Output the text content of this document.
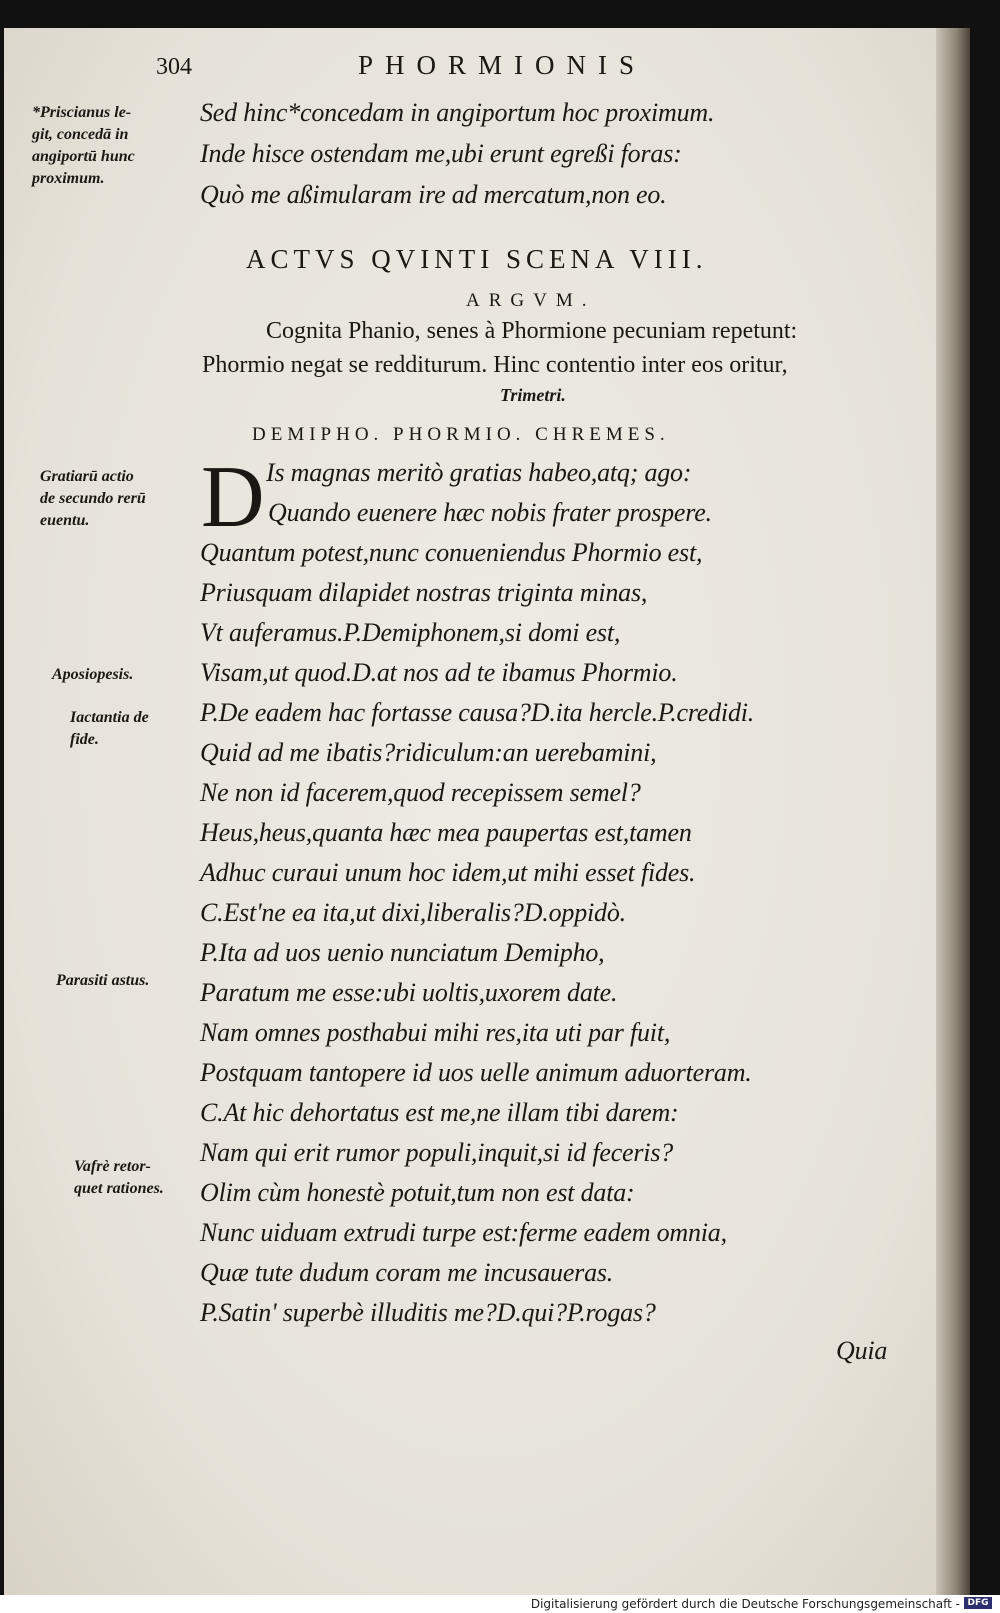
304	PHORMIONIS
*Priscianus le-
git, concedā in
angiportū hunc
proximum.
Sed hinc*concedam in angiportum hoc proximum.
Inde hisce ostendam me,ubi erunt egreßi foras:
Quò me aßimularam ire ad mercatum,non eo.
ACTVS QVINTI SCENA VIII.
ARGVM.
Cognita Phanio, senes à Phormione pecuniam repetunt:
Phormio negat se redditurum. Hinc contentio inter eos oritur,
Trimetri.
DEMIPHO. PHORMIO. CHREMES.
D
Gratiarū actio
de secundo rerū
euentu.
Aposiopesis.
Iactantia de
fide.
Parasiti astus.
Vafrè retor-
quet rationes.
Is magnas meritò gratias habeo,atq; ago:
Quando euenere hæc nobis frater prospere.
Quantum potest,nunc conueniendus Phormio est,
Priusquam dilapidet nostras triginta minas,
Vt auferamus.P.Demiphonem,si domi est,
Visam,ut quod.D.at nos ad te ibamus Phormio.
P.De eadem hac fortasse causa?D.ita hercle.P.credidi.
Quid ad me ibatis?ridiculum:an uerebamini,
Ne non id facerem,quod recepissem semel?
Heus,heus,quanta hæc mea paupertas est,tamen
Adhuc curaui unum hoc idem,ut mihi esset fides.
C.Est'ne ea ita,ut dixi,liberalis?D.oppidò.
P.Ita ad uos uenio nunciatum Demipho,
Paratum me esse:ubi uoltis,uxorem date.
Nam omnes posthabui mihi res,ita uti par fuit,
Postquam tantopere id uos uelle animum aduorteram.
C.At hic dehortatus est me,ne illam tibi darem:
Nam qui erit rumor populi,inquit,si id feceris?
Olim cùm honestè potuit,tum non est data:
Nunc uiduam extrudi turpe est:ferme eadem omnia,
Quæ tute dudum coram me incusaueras.
P.Satin' superbè illuditis me?D.qui?P.rogas?
Quia
Digitalisierung gefördert durch die Deutsche Forschungsgemeinschaft - DFG
